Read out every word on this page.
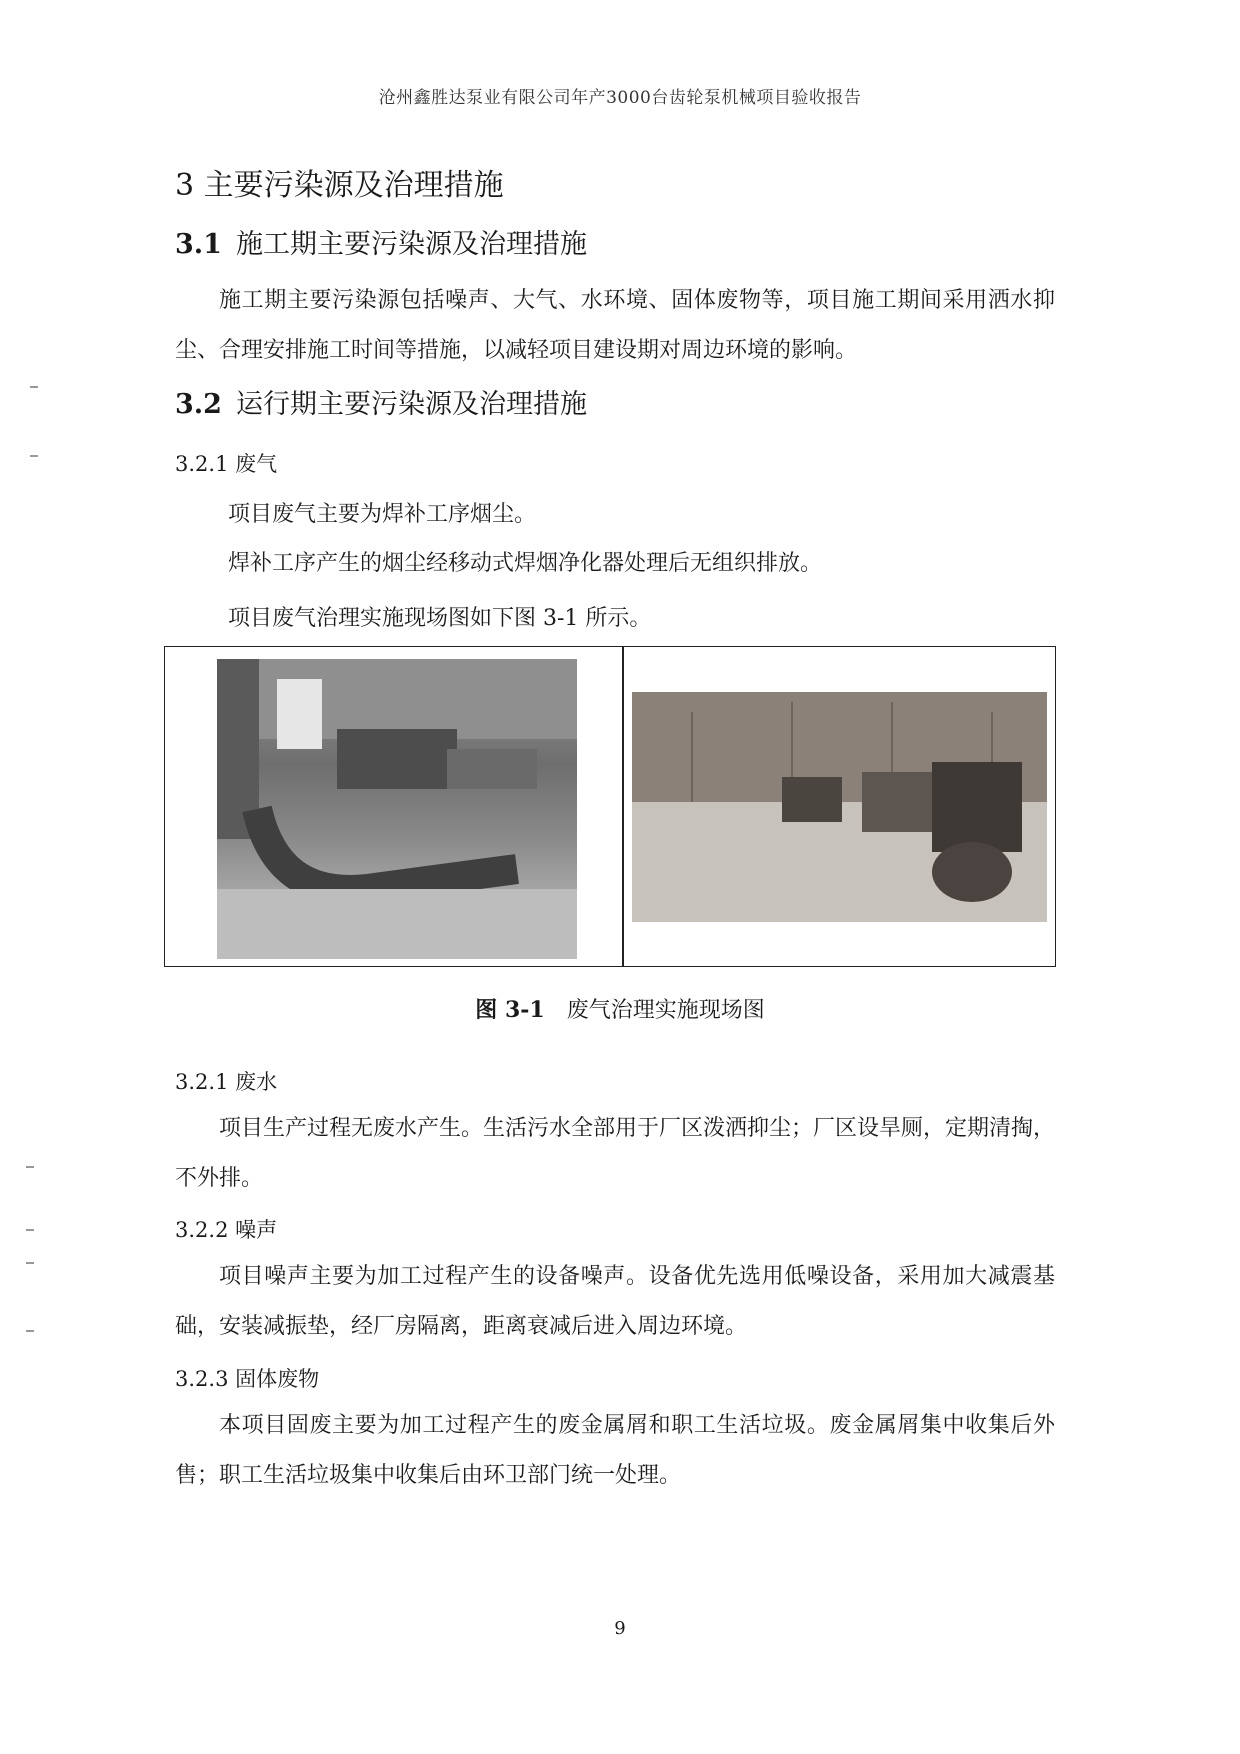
沧州鑫胜达泵业有限公司年产3000台齿轮泵机械项目验收报告
3 主要污染源及治理措施
3.1 施工期主要污染源及治理措施
施工期主要污染源包括噪声、大气、水环境、固体废物等，项目施工期间采用洒水抑尘、合理安排施工时间等措施，以减轻项目建设期对周边环境的影响。
3.2 运行期主要污染源及治理措施
3.2.1 废气
项目废气主要为焊补工序烟尘。
焊补工序产生的烟尘经移动式焊烟净化器处理后无组织排放。
项目废气治理实施现场图如下图 3-1 所示。
图 3-1 废气治理实施现场图
3.2.1 废水
项目生产过程无废水产生。生活污水全部用于厂区泼洒抑尘；厂区设旱厕，定期清掏，不外排。
3.2.2 噪声
项目噪声主要为加工过程产生的设备噪声。设备优先选用低噪设备，采用加大减震基础，安装减振垫，经厂房隔离，距离衰减后进入周边环境。
3.2.3 固体废物
本项目固废主要为加工过程产生的废金属屑和职工生活垃圾。废金属屑集中收集后外售；职工生活垃圾集中收集后由环卫部门统一处理。
9
